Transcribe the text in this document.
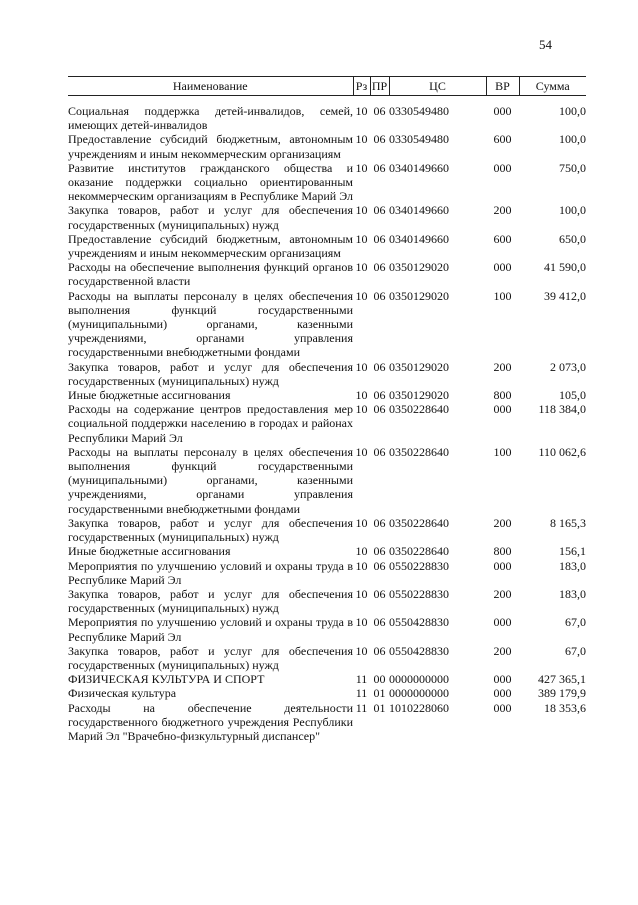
54
Наименование	Рз	ПР	ЦС	ВР	Сумма

Социальная поддержка детей-инвалидов, семей, имеющих детей-инвалидов	10	06	0330549480	000	100,0
Предоставление субсидий бюджетным, автономным учреждениям и иным некоммерческим организациям	10	06	0330549480	600	100,0
Развитие институтов гражданского общества и оказание поддержки социально ориентированным некоммерческим организациям в Республике Марий Эл	10	06	0340149660	000	750,0
Закупка товаров, работ и услуг для обеспечения государственных (муниципальных) нужд	10	06	0340149660	200	100,0
Предоставление субсидий бюджетным, автономным учреждениям и иным некоммерческим организациям	10	06	0340149660	600	650,0
Расходы на обеспечение выполнения функций органов государственной власти	10	06	0350129020	000	41 590,0
Расходы на выплаты персоналу в целях обеспечения выполнения функций государственными (муниципальными) органами, казенными учреждениями, органами управления государственными внебюджетными фондами	10	06	0350129020	100	39 412,0
Закупка товаров, работ и услуг для обеспечения государственных (муниципальных) нужд	10	06	0350129020	200	2 073,0
Иные бюджетные ассигнования	10	06	0350129020	800	105,0
Расходы на содержание центров предоставления мер социальной поддержки населению в городах и районах Республики Марий Эл	10	06	0350228640	000	118 384,0
Расходы на выплаты персоналу в целях обеспечения выполнения функций государственными (муниципальными) органами, казенными учреждениями, органами управления государственными внебюджетными фондами	10	06	0350228640	100	110 062,6
Закупка товаров, работ и услуг для обеспечения государственных (муниципальных) нужд	10	06	0350228640	200	8 165,3
Иные бюджетные ассигнования	10	06	0350228640	800	156,1
Мероприятия по улучшению условий и охраны труда в Республике Марий Эл	10	06	0550228830	000	183,0
Закупка товаров, работ и услуг для обеспечения государственных (муниципальных) нужд	10	06	0550228830	200	183,0
Мероприятия по улучшению условий и охраны труда в Республике Марий Эл	10	06	0550428830	000	67,0
Закупка товаров, работ и услуг для обеспечения государственных (муниципальных) нужд	10	06	0550428830	200	67,0
ФИЗИЧЕСКАЯ КУЛЬТУРА И СПОРТ	11	00	0000000000	000	427 365,1
Физическая культура	11	01	0000000000	000	389 179,9
Расходы на обеспечение деятельности государственного бюджетного учреждения Республики Марий Эл "Врачебно-физкультурный диспансер"	11	01	1010228060	000	18 353,6
